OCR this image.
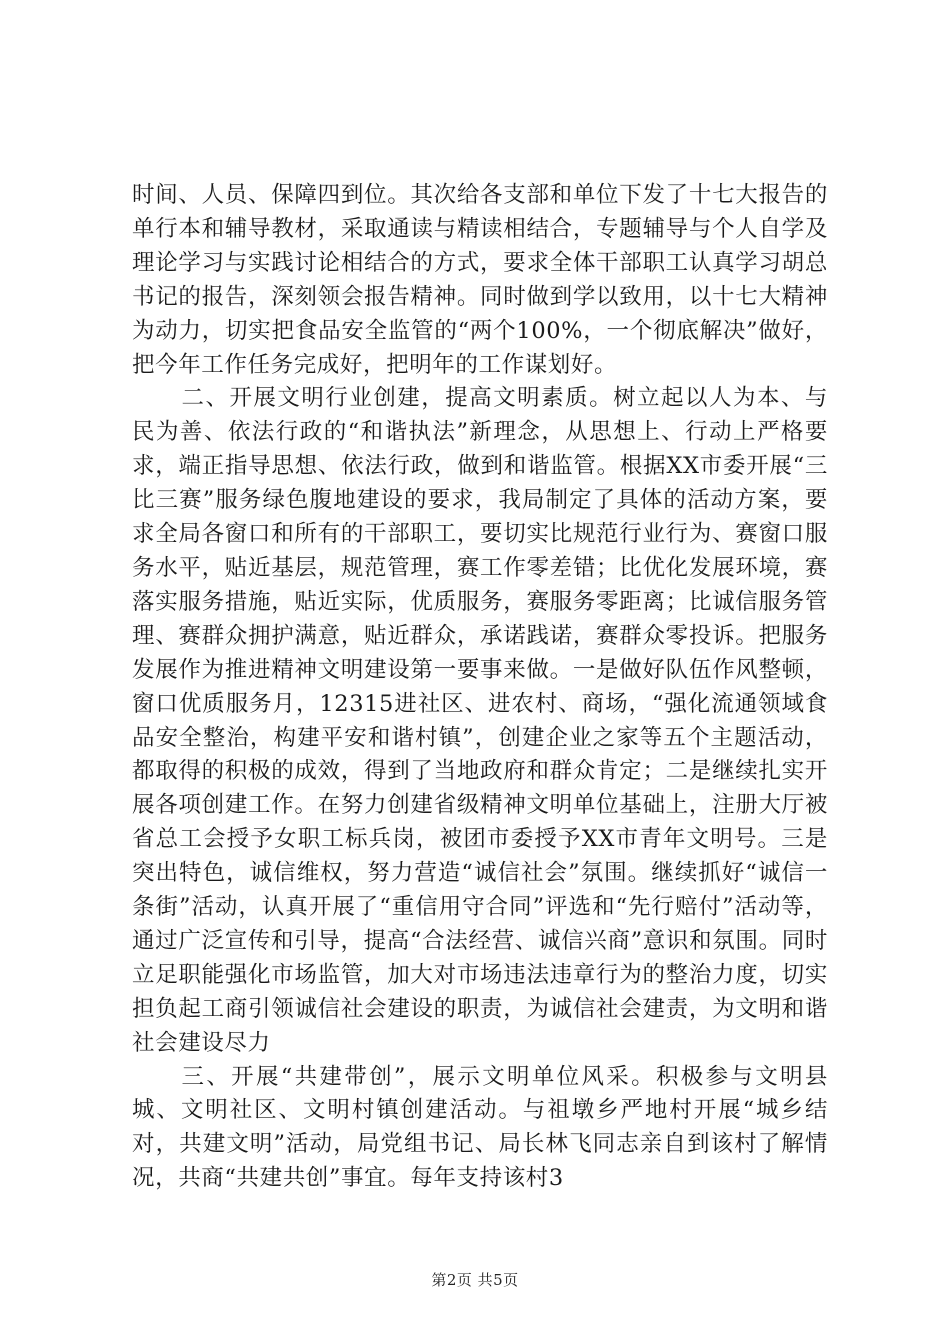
时间、人员、保障四到位。其次给各支部和单位下发了十七大报告的单行本和辅导教材，采取通读与精读相结合，专题辅导与个人自学及理论学习与实践讨论相结合的方式，要求全体干部职工认真学习胡总书记的报告，深刻领会报告精神。同时做到学以致用，以十七大精神为动力，切实把食品安全监管的“两个100%，一个彻底解决”做好，把今年工作任务完成好，把明年的工作谋划好。

二、开展文明行业创建，提高文明素质。树立起以人为本、与民为善、依法行政的“和谐执法”新理念，从思想上、行动上严格要求，端正指导思想、依法行政，做到和谐监管。根据XX市委开展“三比三赛”服务绿色腹地建设的要求，我局制定了具体的活动方案，要求全局各窗口和所有的干部职工，要切实比规范行业行为、赛窗口服务水平，贴近基层，规范管理，赛工作零差错；比优化发展环境，赛落实服务措施，贴近实际，优质服务，赛服务零距离；比诚信服务管理、赛群众拥护满意，贴近群众，承诺践诺，赛群众零投诉。把服务发展作为推进精神文明建设第一要事来做。一是做好队伍作风整顿，窗口优质服务月，12315进社区、进农村、商场，“强化流通领域食品安全整治，构建平安和谐村镇”，创建企业之家等五个主题活动，都取得的积极的成效，得到了当地政府和群众肯定；二是继续扎实开展各项创建工作。在努力创建省级精神文明单位基础上，注册大厅被省总工会授予女职工标兵岗，被团市委授予XX市青年文明号。三是突出特色，诚信维权，努力营造“诚信社会”氛围。继续抓好“诚信一条街”活动，认真开展了“重信用守合同”评选和“先行赔付”活动等，通过广泛宣传和引导，提高“合法经营、诚信兴商”意识和氛围。同时立足职能强化市场监管，加大对市场违法违章行为的整治力度，切实担负起工商引领诚信社会建设的职责，为诚信社会建责，为文明和谐社会建设尽力

三、开展“共建带创”，展示文明单位风采。积极参与文明县城、文明社区、文明村镇创建活动。与祖墩乡严地村开展“城乡结对，共建文明”活动，局党组书记、局长林飞同志亲自到该村了解情况，共商“共建共创”事宜。每年支持该村3

第2页 共5页
